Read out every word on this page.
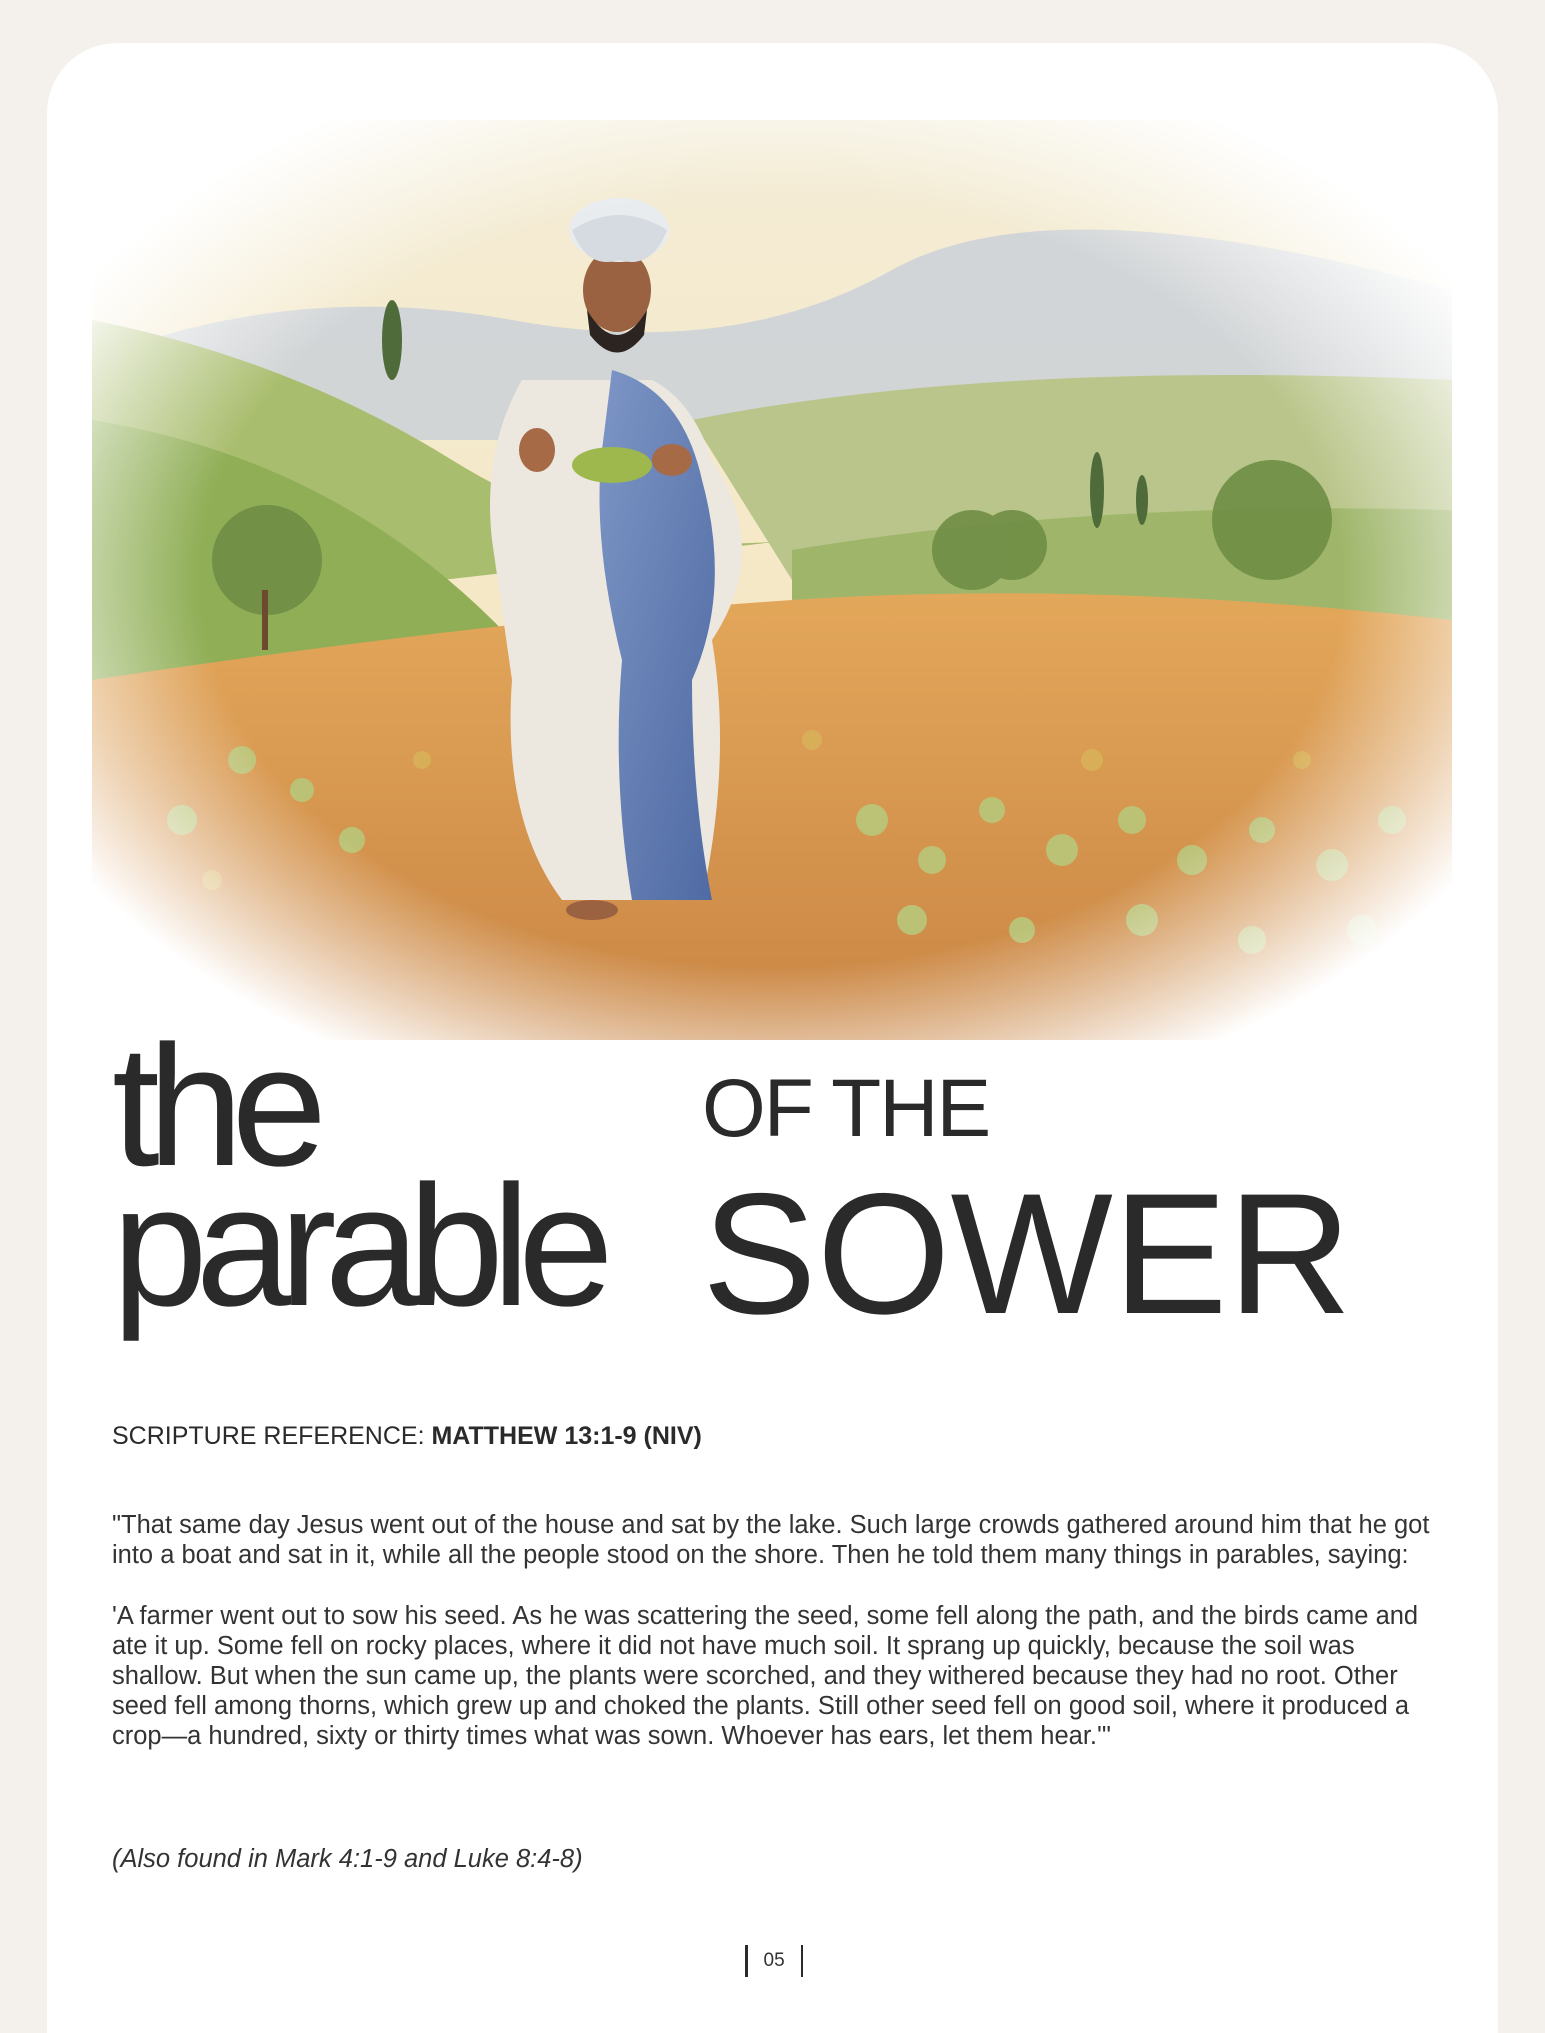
the
parable
OF THE
SOWER
SCRIPTURE REFERENCE: MATTHEW 13:1-9 (NIV)

"That same day Jesus went out of the house and sat by the lake. Such large crowds gathered around him that he got into a boat and sat in it, while all the people stood on the shore. Then he told them many things in parables, saying:

'A farmer went out to sow his seed. As he was scattering the seed, some fell along the path, and the birds came and ate it up. Some fell on rocky places, where it did not have much soil. It sprang up quickly, because the soil was shallow. But when the sun came up, the plants were scorched, and they withered because they had no root. Other seed fell among thorns, which grew up and choked the plants. Still other seed fell on good soil, where it produced a crop—a hundred, sixty or thirty times what was sown. Whoever has ears, let them hear.'"

(Also found in Mark 4:1-9 and Luke 8:4-8)
05
